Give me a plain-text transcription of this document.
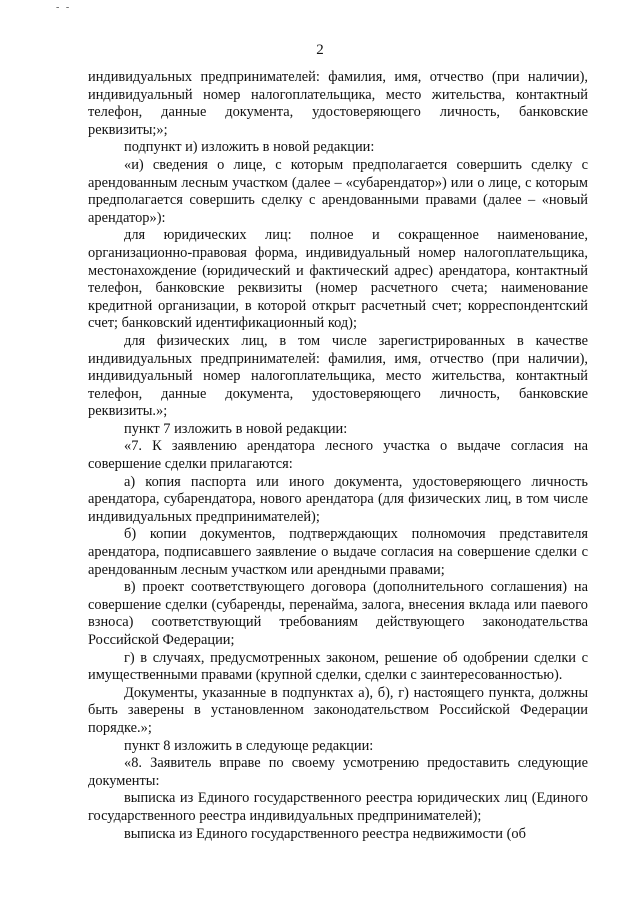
- -
2

индивидуальных предпринимателей: фамилия, имя, отчество (при наличии), индивидуальный номер налогоплательщика, место жительства, контактный телефон, данные документа, удостоверяющего личность, банковские реквизиты;»;

подпункт и) изложить в новой редакции:

«и) сведения о лице, с которым предполагается совершить сделку с арендованным лесным участком (далее – «субарендатор») или о лице, с которым предполагается совершить сделку с арендованными правами (далее – «новый арендатор»):

для юридических лиц: полное и сокращенное наименование, организационно-правовая форма, индивидуальный номер налогоплательщика, местонахождение (юридический и фактический адрес) арендатора, контактный телефон, банковские реквизиты (номер расчетного счета; наименование кредитной организации, в которой открыт расчетный счет; корреспондентский счет; банковский идентификационный код);

для физических лиц, в том числе зарегистрированных в качестве индивидуальных предпринимателей: фамилия, имя, отчество (при наличии), индивидуальный номер налогоплательщика, место жительства, контактный телефон, данные документа, удостоверяющего личность, банковские реквизиты.»;

пункт 7 изложить в новой редакции:

«7. К заявлению арендатора лесного участка о выдаче согласия на совершение сделки прилагаются:

а) копия паспорта или иного документа, удостоверяющего личность арендатора, субарендатора, нового арендатора (для физических лиц, в том числе индивидуальных предпринимателей);

б) копии документов, подтверждающих полномочия представителя арендатора, подписавшего заявление о выдаче согласия на совершение сделки с арендованным лесным участком или арендными правами;

в) проект соответствующего договора (дополнительного соглашения) на совершение сделки (субаренды, перенайма, залога, внесения вклада или паевого взноса) соответствующий требованиям действующего законодательства Российской Федерации;

г) в случаях, предусмотренных законом, решение об одобрении сделки с имущественными правами (крупной сделки, сделки с заинтересованностью).

Документы, указанные в подпунктах а), б), г) настоящего пункта, должны быть заверены в установленном законодательством Российской Федерации порядке.»;

пункт 8 изложить в следующе редакции:

«8. Заявитель вправе по своему усмотрению предоставить следующие документы:

выписка из Единого государственного реестра юридических лиц (Единого государственного реестра индивидуальных предпринимателей);

выписка из Единого государственного реестра недвижимости (об
